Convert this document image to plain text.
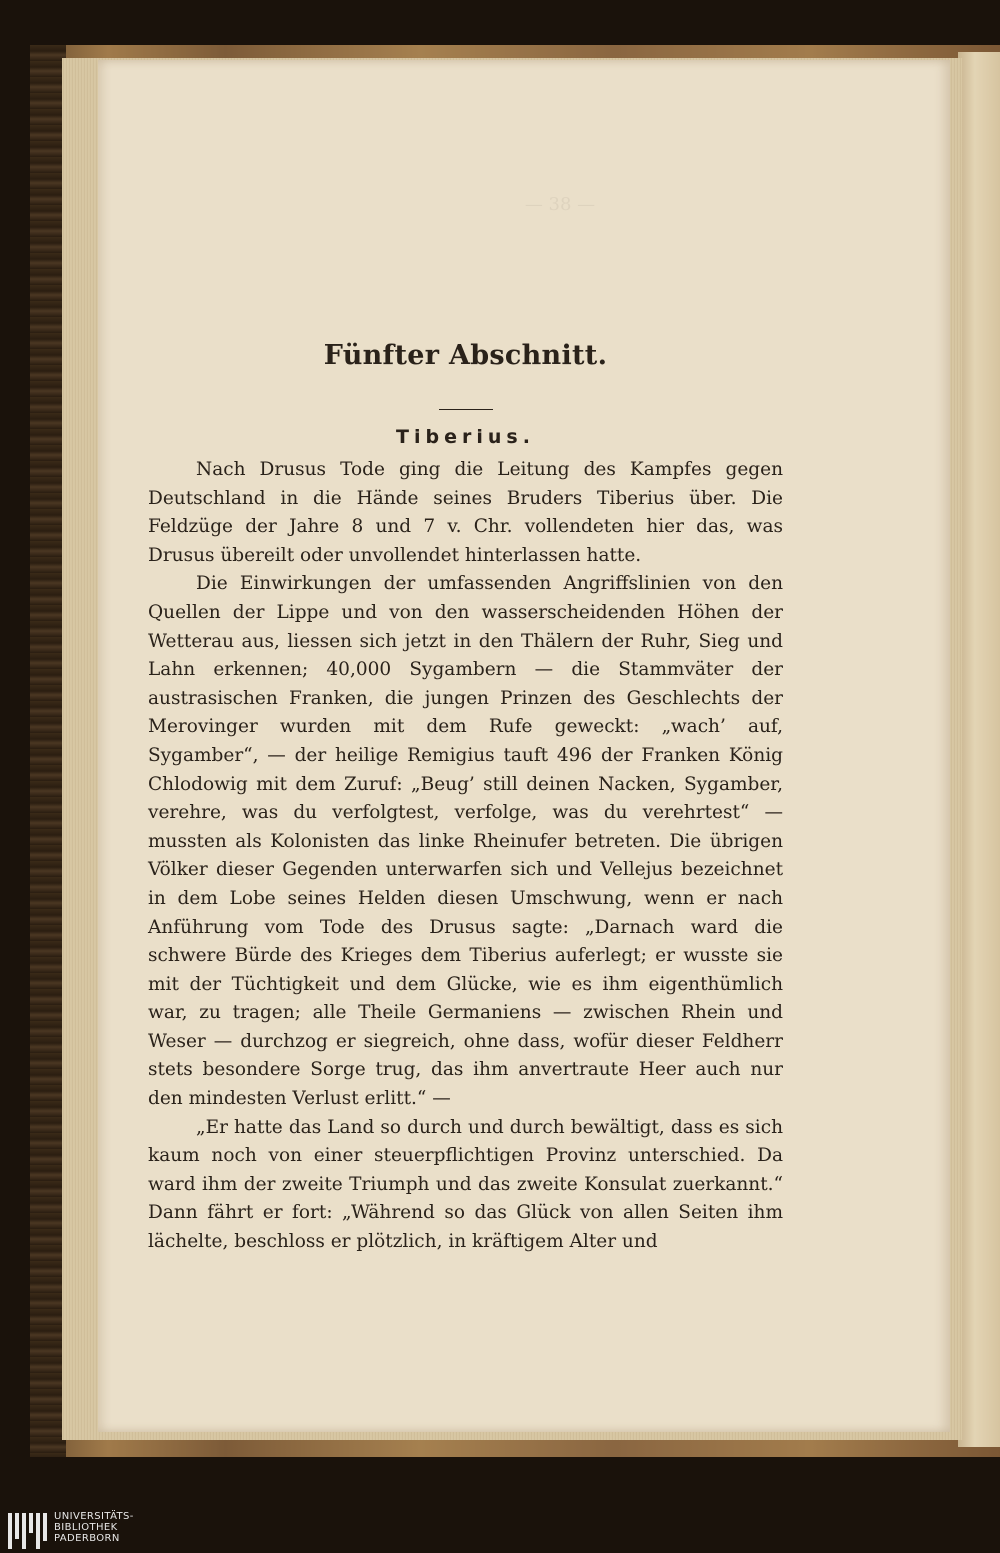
— 38 —
Fünfter Abschnitt.
Tiberius.

Nach Drusus Tode ging die Leitung des Kampfes gegen Deutschland in die Hände seines Bruders Tiberius über. Die Feldzüge der Jahre 8 und 7 v. Chr. vollendeten hier das, was Drusus übereilt oder unvollendet hinterlassen hatte.

Die Einwirkungen der umfassenden Angriffslinien von den Quellen der Lippe und von den wasserscheidenden Höhen der Wetterau aus, liessen sich jetzt in den Thälern der Ruhr, Sieg und Lahn erkennen; 40,000 Sygambern — die Stammväter der austrasischen Franken, die jungen Prinzen des Geschlechts der Merovinger wurden mit dem Rufe geweckt: „wach’ auf, Sygamber“, — der heilige Remigius tauft 496 der Franken König Chlodowig mit dem Zuruf: „Beug’ still deinen Nacken, Sygamber, verehre, was du verfolgtest, verfolge, was du verehrtest“ — mussten als Kolonisten das linke Rheinufer betreten. Die übrigen Völker dieser Gegenden unterwarfen sich und Vellejus bezeichnet in dem Lobe seines Helden diesen Umschwung, wenn er nach Anführung vom Tode des Drusus sagte: „Darnach ward die schwere Bürde des Krieges dem Tiberius auferlegt; er wusste sie mit der Tüchtigkeit und dem Glücke, wie es ihm eigenthümlich war, zu tragen; alle Theile Germaniens — zwischen Rhein und Weser — durchzog er siegreich, ohne dass, wofür dieser Feldherr stets besondere Sorge trug, das ihm anvertraute Heer auch nur den mindesten Verlust erlitt.“ —

„Er hatte das Land so durch und durch bewältigt, dass es sich kaum noch von einer steuerpflichtigen Provinz unterschied. Da ward ihm der zweite Triumph und das zweite Konsulat zuerkannt.“ Dann fährt er fort: „Während so das Glück von allen Seiten ihm lächelte, beschloss er plötzlich, in kräftigem Alter und

UNIVERSITÄTS-
BIBLIOTHEK
PADERBORN
